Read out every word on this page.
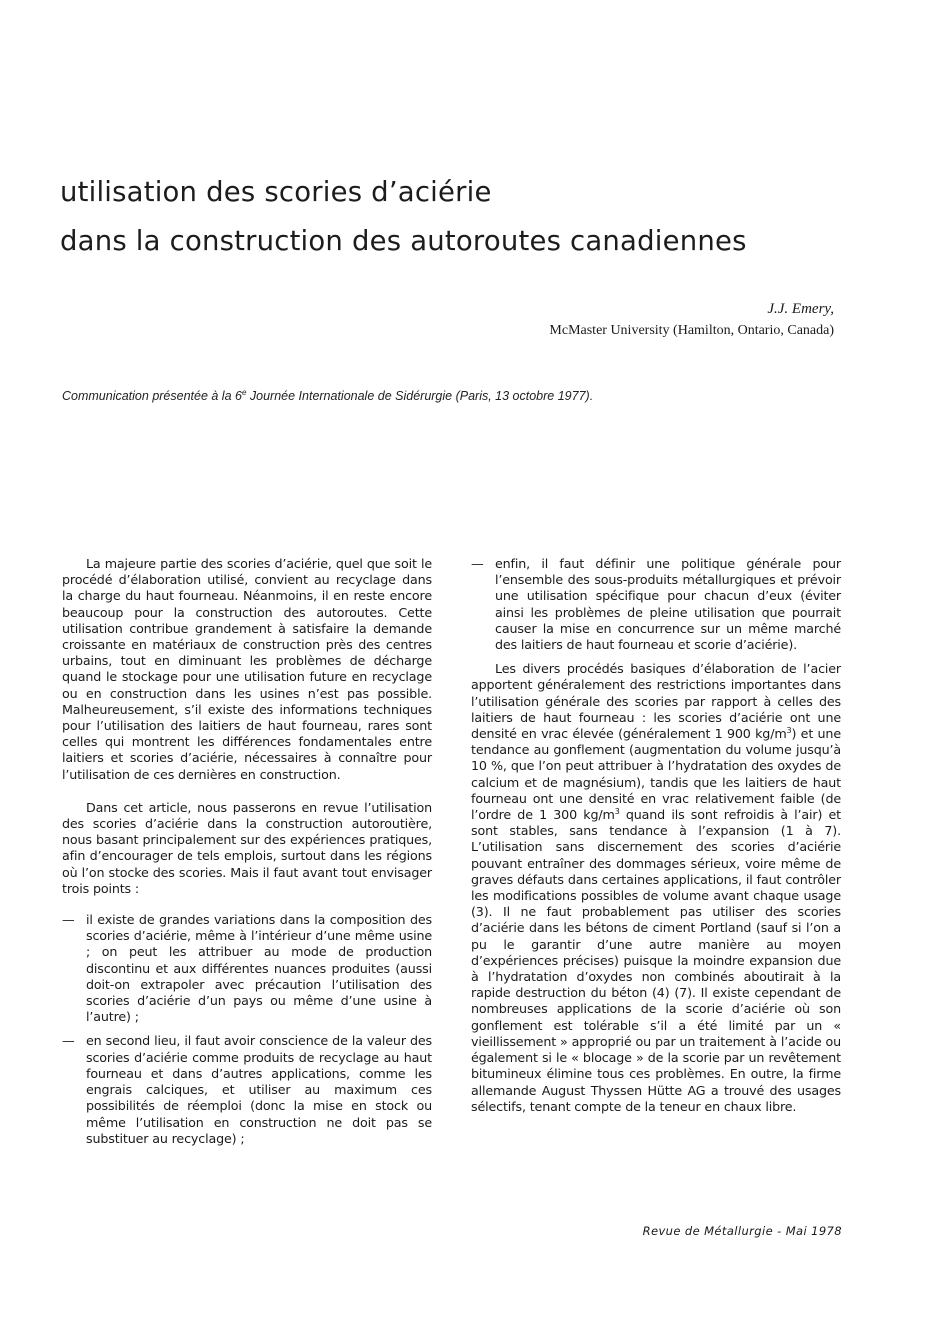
utilisation des scories d’aciérie
dans la construction des autoroutes canadiennes
J.J. Emery,
McMaster University (Hamilton, Ontario, Canada)
Communication présentée à la 6e Journée Internationale de Sidérurgie (Paris, 13 octobre 1977).

La majeure partie des scories d’aciérie, quel que soit le procédé d’élaboration utilisé, convient au recyclage dans la charge du haut fourneau. Néanmoins, il en reste encore beaucoup pour la construction des autoroutes. Cette utilisation contribue grandement à satisfaire la demande croissante en matériaux de construction près des centres urbains, tout en diminuant les problèmes de décharge quand le stockage pour une utilisation future en recyclage ou en construction dans les usines n’est pas possible. Malheureusement, s’il existe des informations techniques pour l’utilisation des laitiers de haut fourneau, rares sont celles qui montrent les différences fondamentales entre laitiers et scories d’aciérie, nécessaires à connaître pour l’utilisation de ces dernières en construction.

Dans cet article, nous passerons en revue l’utilisation des scories d’aciérie dans la construction autoroutière, nous basant principalement sur des expériences pratiques, afin d’encourager de tels emplois, surtout dans les régions où l’on stocke des scories. Mais il faut avant tout envisager trois points :

— il existe de grandes variations dans la composition des scories d’aciérie, même à l’intérieur d’une même usine ; on peut les attribuer au mode de production discontinu et aux différentes nuances produites (aussi doit-on extrapoler avec précaution l’utilisation des scories d’aciérie d’un pays ou même d’une usine à l’autre) ;
— en second lieu, il faut avoir conscience de la valeur des scories d’aciérie comme produits de recyclage au haut fourneau et dans d’autres applications, comme les engrais calciques, et utiliser au maximum ces possibilités de réemploi (donc la mise en stock ou même l’utilisation en construction ne doit pas se substituer au recyclage) ;
— enfin, il faut définir une politique générale pour l’ensemble des sous-produits métallurgiques et prévoir une utilisation spécifique pour chacun d’eux (éviter ainsi les problèmes de pleine utilisation que pourrait causer la mise en concurrence sur un même marché des laitiers de haut fourneau et scorie d’aciérie).

Les divers procédés basiques d’élaboration de l’acier apportent généralement des restrictions importantes dans l’utilisation générale des scories par rapport à celles des laitiers de haut fourneau : les scories d’aciérie ont une densité en vrac élevée (généralement 1 900 $kg/m^3$) et une tendance au gonflement (augmentation du volume jusqu’à 10 %, que l’on peut attribuer à l’hydratation des oxydes de calcium et de magnésium), tandis que les laitiers de haut fourneau ont une densité en vrac relativement faible (de l’ordre de 1 300 $kg/m^3$ quand ils sont refroidis à l’air) et sont stables, sans tendance à l’expansion (1 à 7). L’utilisation sans discernement des scories d’aciérie pouvant entraîner des dommages sérieux, voire même de graves défauts dans certaines applications, il faut contrôler les modifications possibles de volume avant chaque usage (3). Il ne faut probablement pas utiliser des scories d’aciérie dans les bétons de ciment Portland (sauf si l’on a pu le garantir d’une autre manière au moyen d’expériences précises) puisque la moindre expansion due à l’hydratation d’oxydes non combinés aboutirait à la rapide destruction du béton (4) (7). Il existe cependant de nombreuses applications de la scorie d’aciérie où son gonflement est tolérable s’il a été limité par un « vieillissement » approprié ou par un traitement à l’acide ou également si le « blocage » de la scorie par un revêtement bitumineux élimine tous ces problèmes. En outre, la firme allemande August Thyssen Hütte AG a trouvé des usages sélectifs, tenant compte de la teneur en chaux libre.

Revue de Métallurgie - Mai 1978
